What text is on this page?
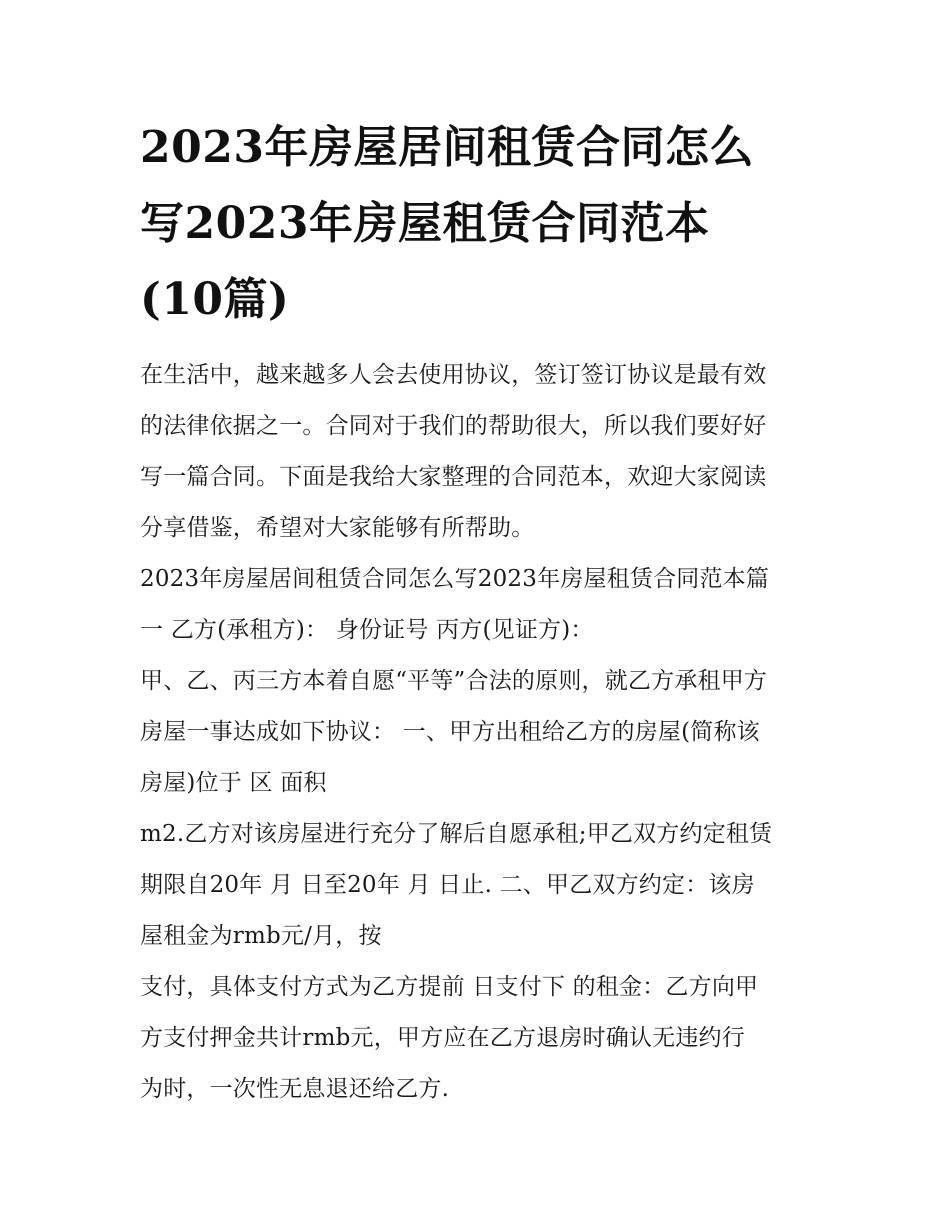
2023年房屋居间租赁合同怎么
写2023年房屋租赁合同范本
(10篇)

在生活中，越来越多人会去使用协议，签订签订协议是最有效
的法律依据之一。合同对于我们的帮助很大，所以我们要好好
写一篇合同。下面是我给大家整理的合同范本，欢迎大家阅读
分享借鉴，希望对大家能够有所帮助。

2023年房屋居间租赁合同怎么写2023年房屋租赁合同范本篇
一 乙方(承租方)： 身份证号 丙方(见证方)：

甲、乙、丙三方本着自愿“平等”合法的原则，就乙方承租甲方
房屋一事达成如下协议： 一、甲方出租给乙方的房屋(简称该
房屋)位于 区 面积

m2.乙方对该房屋进行充分了解后自愿承租;甲乙双方约定租赁
期限自20年 月 日至20年 月 日止. 二、甲乙双方约定：该房
屋租金为rmb元/月，按

支付，具体支付方式为乙方提前 日支付下 的租金：乙方向甲
方支付押金共计rmb元，甲方应在乙方退房时确认无违约行
为时，一次性无息退还给乙方.
